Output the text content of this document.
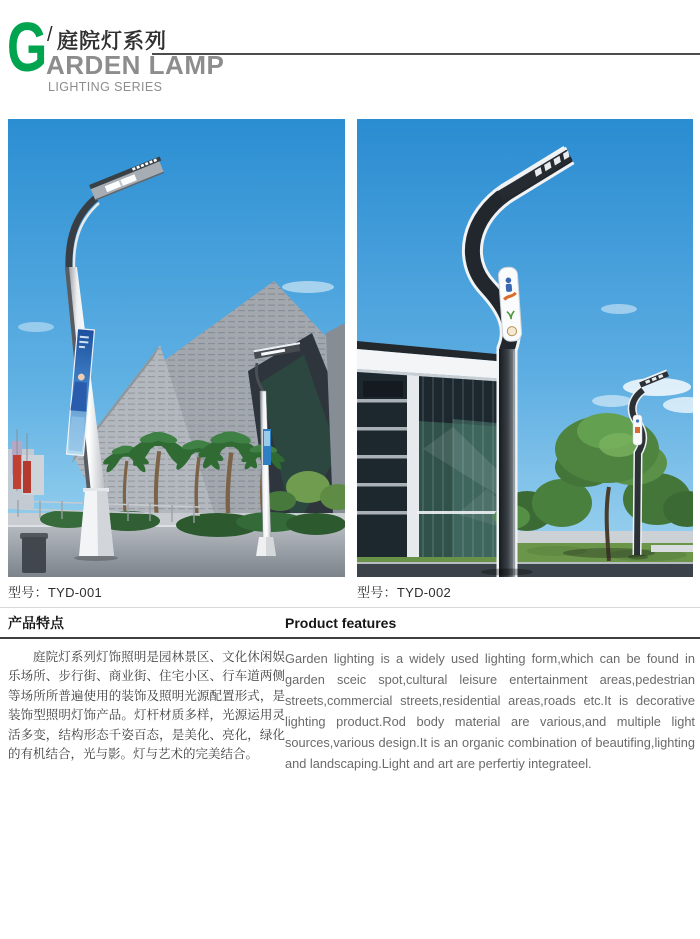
G / 庭院灯系列
ARDEN LAMP
LIGHTING SERIES
型号：TYD-001	型号：TYD-002
产品特点	Product features

庭院灯系列灯饰照明是园林景区、文化休闲娱乐场所、步行街、商业街、住宅小区、行车道两侧等场所所普遍使用的装饰及照明光源配置形式，是装饰型照明灯饰产品。灯杆材质多样，光源运用灵活多变，结构形态千姿百态，是美化、亮化，绿化的有机结合，光与影。灯与艺术的完美结合。

Garden lighting is a widely used lighting form,which can be found in garden sceic spot,cultural leisure entertainment areas,pedestrian streets,commercial streets,residential areas,roads etc.It is decorative lighting product.Rod body material are various,and multiple light sources,various design.It is an organic combination of beautifing,lighting and landscaping.Light and art are perfertiy integrateel.
